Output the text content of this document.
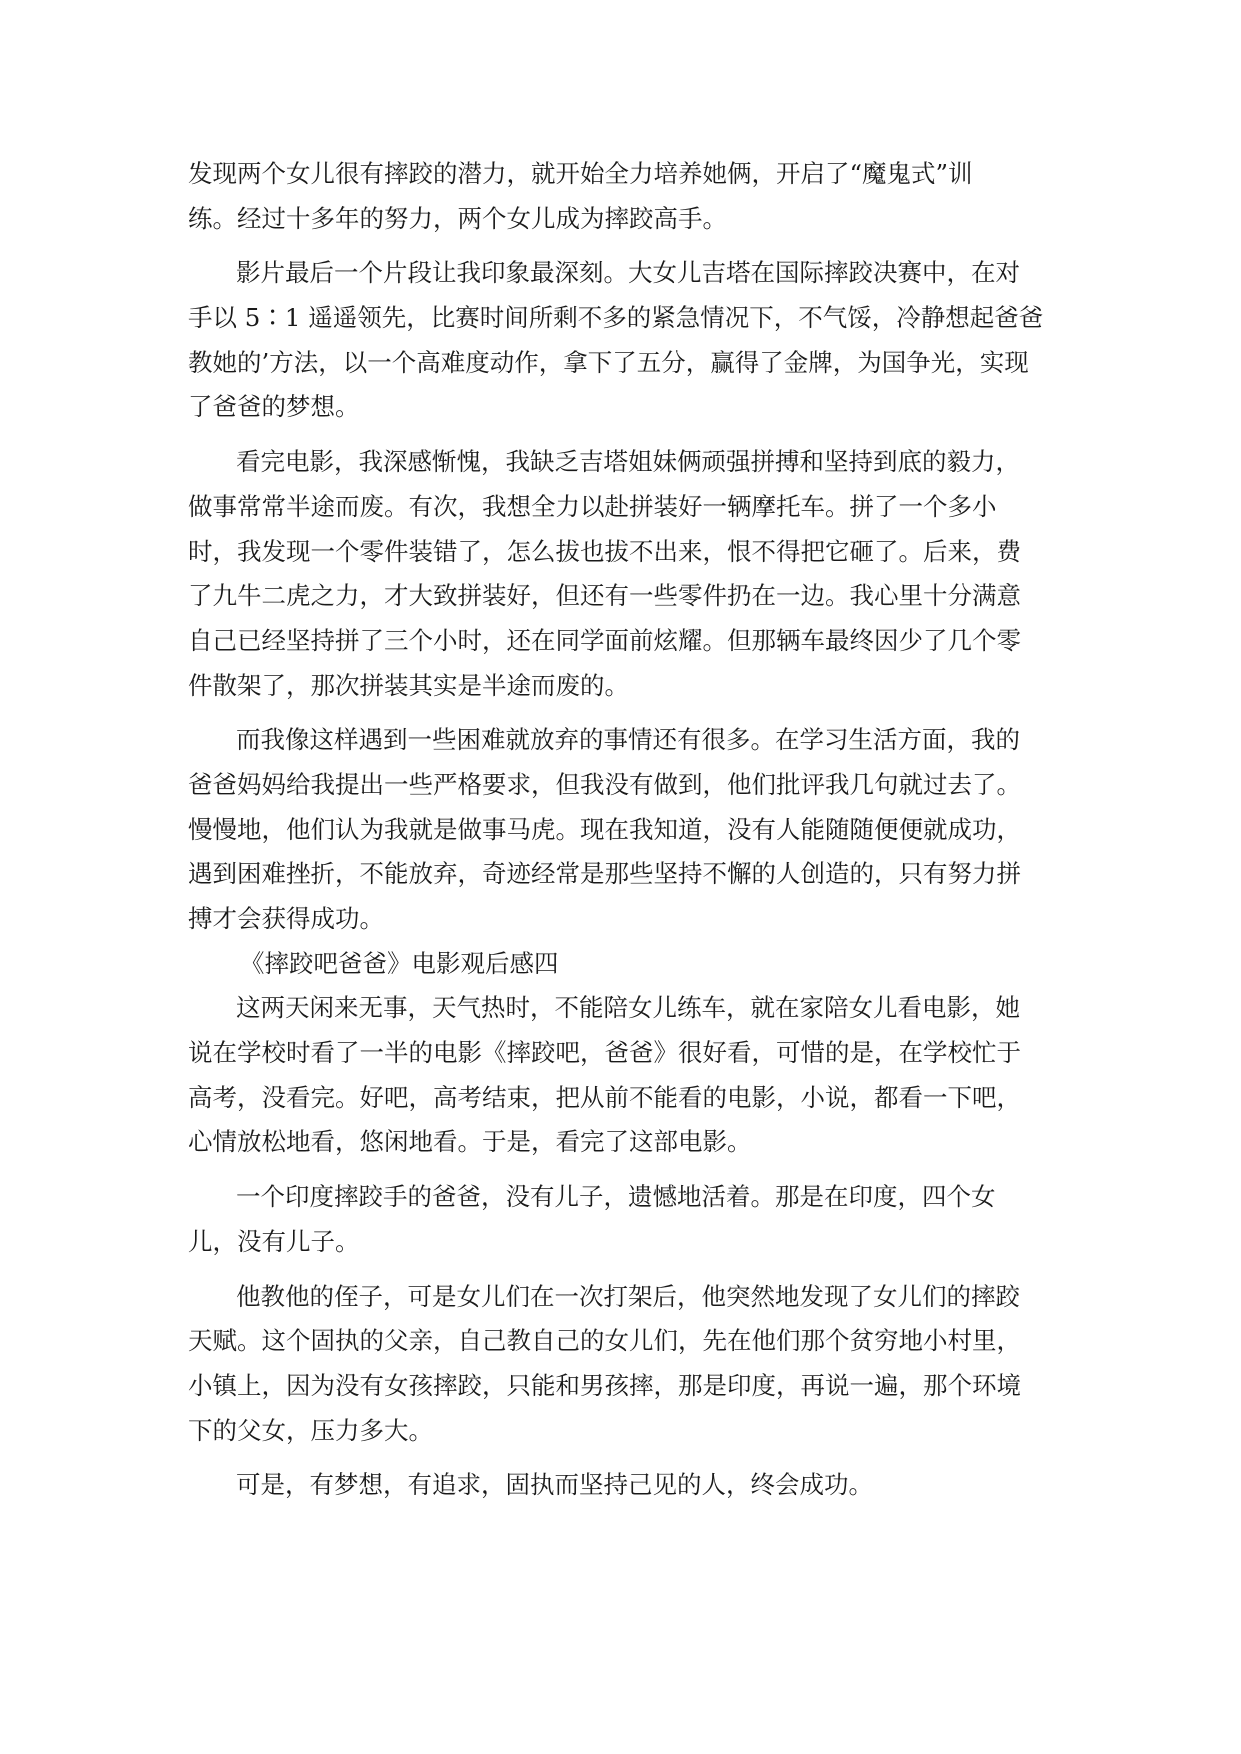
发现两个女儿很有摔跤的潜力，就开始全力培养她俩，开启了“魔鬼式”训
练。经过十多年的努力，两个女儿成为摔跤高手。
影片最后一个片段让我印象最深刻。大女儿吉塔在国际摔跤决赛中，在对
手以 5∶1 遥遥领先，比赛时间所剩不多的紧急情况下，不气馁，冷静想起爸爸
教她的’方法，以一个高难度动作，拿下了五分，赢得了金牌，为国争光，实现
了爸爸的梦想。
看完电影，我深感惭愧，我缺乏吉塔姐妹俩顽强拼搏和坚持到底的毅力，
做事常常半途而废。有次，我想全力以赴拼装好一辆摩托车。拼了一个多小
时，我发现一个零件装错了，怎么拔也拔不出来，恨不得把它砸了。后来，费
了九牛二虎之力，才大致拼装好，但还有一些零件扔在一边。我心里十分满意
自己已经坚持拼了三个小时，还在同学面前炫耀。但那辆车最终因少了几个零
件散架了，那次拼装其实是半途而废的。
而我像这样遇到一些困难就放弃的事情还有很多。在学习生活方面，我的
爸爸妈妈给我提出一些严格要求，但我没有做到，他们批评我几句就过去了。
慢慢地，他们认为我就是做事马虎。现在我知道，没有人能随随便便就成功，
遇到困难挫折，不能放弃，奇迹经常是那些坚持不懈的人创造的，只有努力拼
搏才会获得成功。
《摔跤吧爸爸》电影观后感四
这两天闲来无事，天气热时，不能陪女儿练车，就在家陪女儿看电影，她
说在学校时看了一半的电影《摔跤吧，爸爸》很好看，可惜的是，在学校忙于
高考，没看完。好吧，高考结束，把从前不能看的电影，小说，都看一下吧，
心情放松地看，悠闲地看。于是，看完了这部电影。
一个印度摔跤手的爸爸，没有儿子，遗憾地活着。那是在印度，四个女
儿，没有儿子。
他教他的侄子，可是女儿们在一次打架后，他突然地发现了女儿们的摔跤
天赋。这个固执的父亲，自己教自己的女儿们，先在他们那个贫穷地小村里，
小镇上，因为没有女孩摔跤，只能和男孩摔，那是印度，再说一遍，那个环境
下的父女，压力多大。
可是，有梦想，有追求，固执而坚持己见的人，终会成功。
